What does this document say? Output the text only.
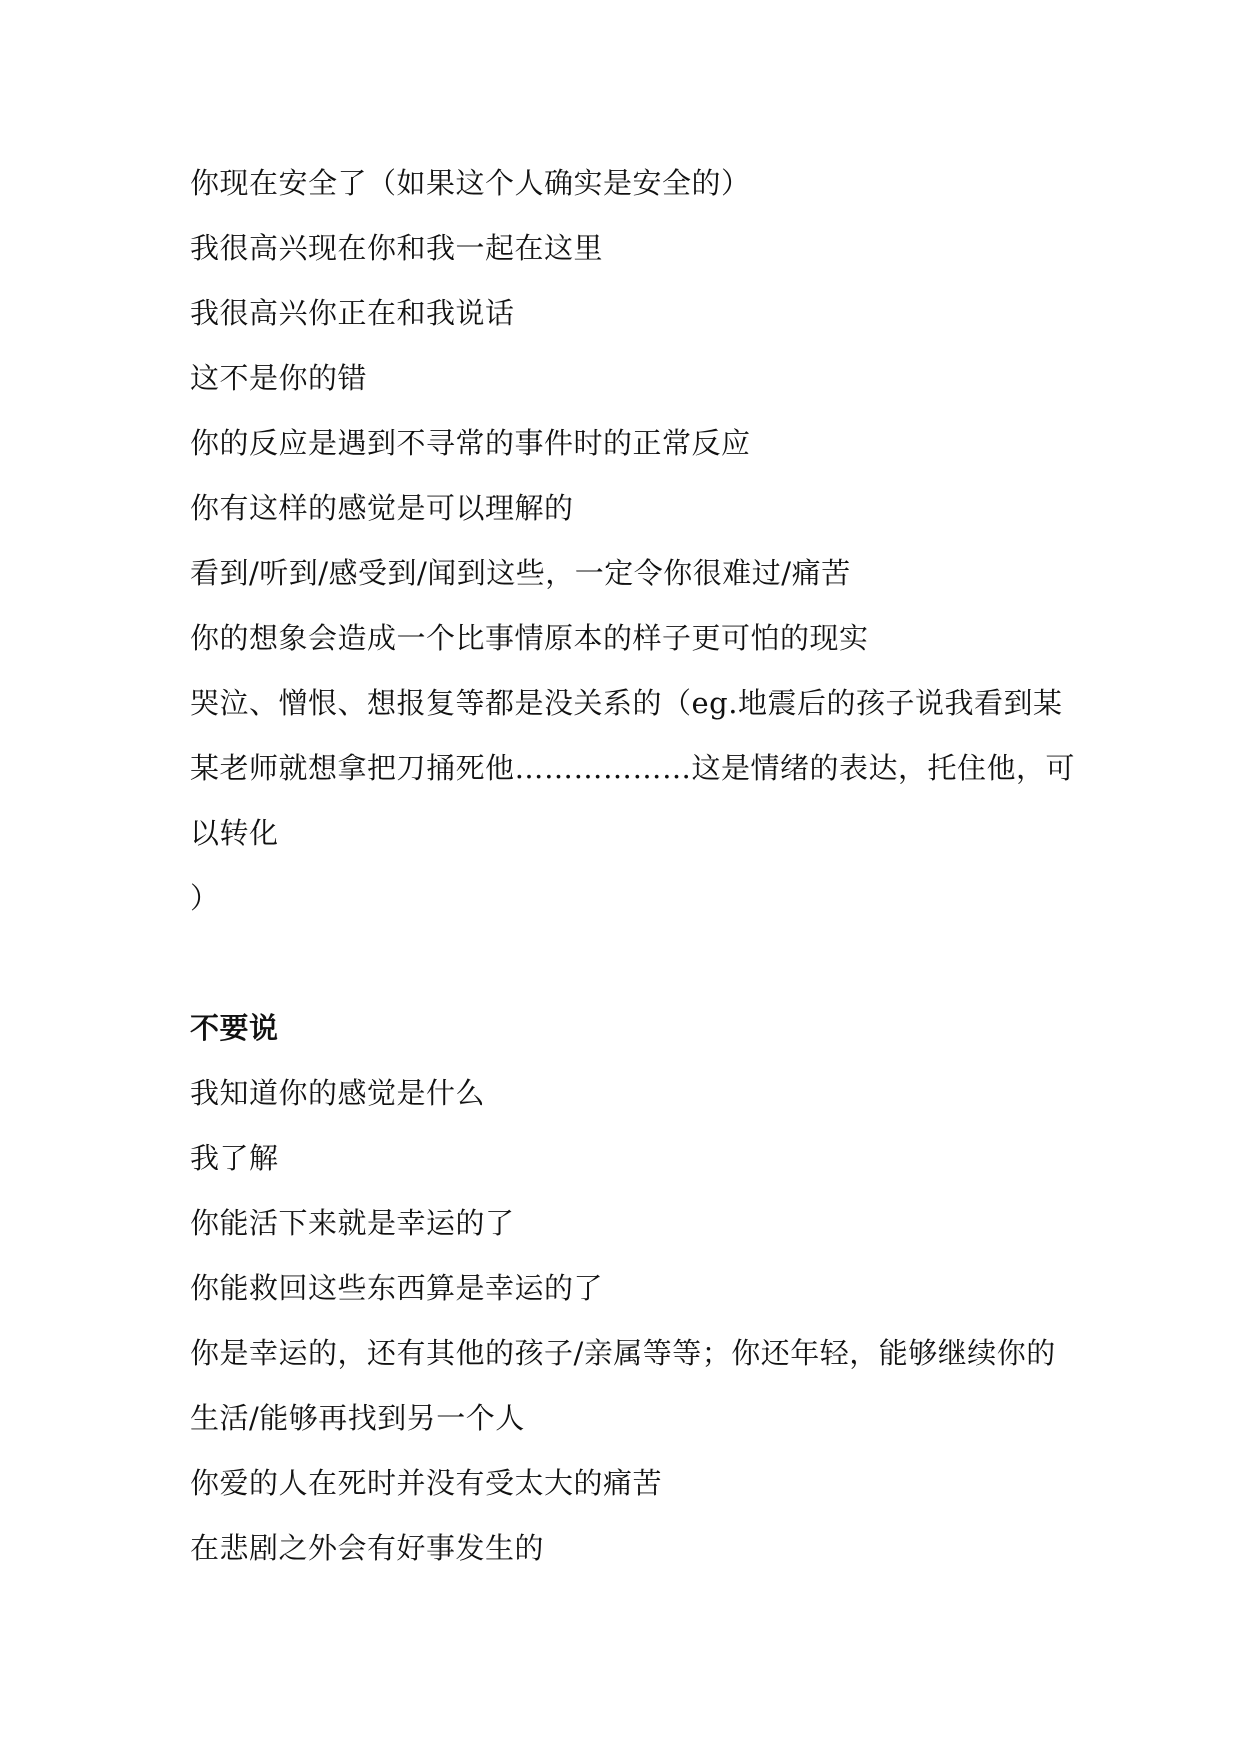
你现在安全了（如果这个人确实是安全的）
我很高兴现在你和我一起在这里
我很高兴你正在和我说话
这不是你的错
你的反应是遇到不寻常的事件时的正常反应
你有这样的感觉是可以理解的
看到/听到/感受到/闻到这些，一定令你很难过/痛苦
你的想象会造成一个比事情原本的样子更可怕的现实
哭泣、憎恨、想报复等都是没关系的（eg.地震后的孩子说我看到某
某老师就想拿把刀捅死他………………这是情绪的表达，托住他，可
以转化
）
不要说
我知道你的感觉是什么
我了解
你能活下来就是幸运的了
你能救回这些东西算是幸运的了
你是幸运的，还有其他的孩子/亲属等等；你还年轻，能够继续你的
生活/能够再找到另一个人
你爱的人在死时并没有受太大的痛苦
在悲剧之外会有好事发生的
